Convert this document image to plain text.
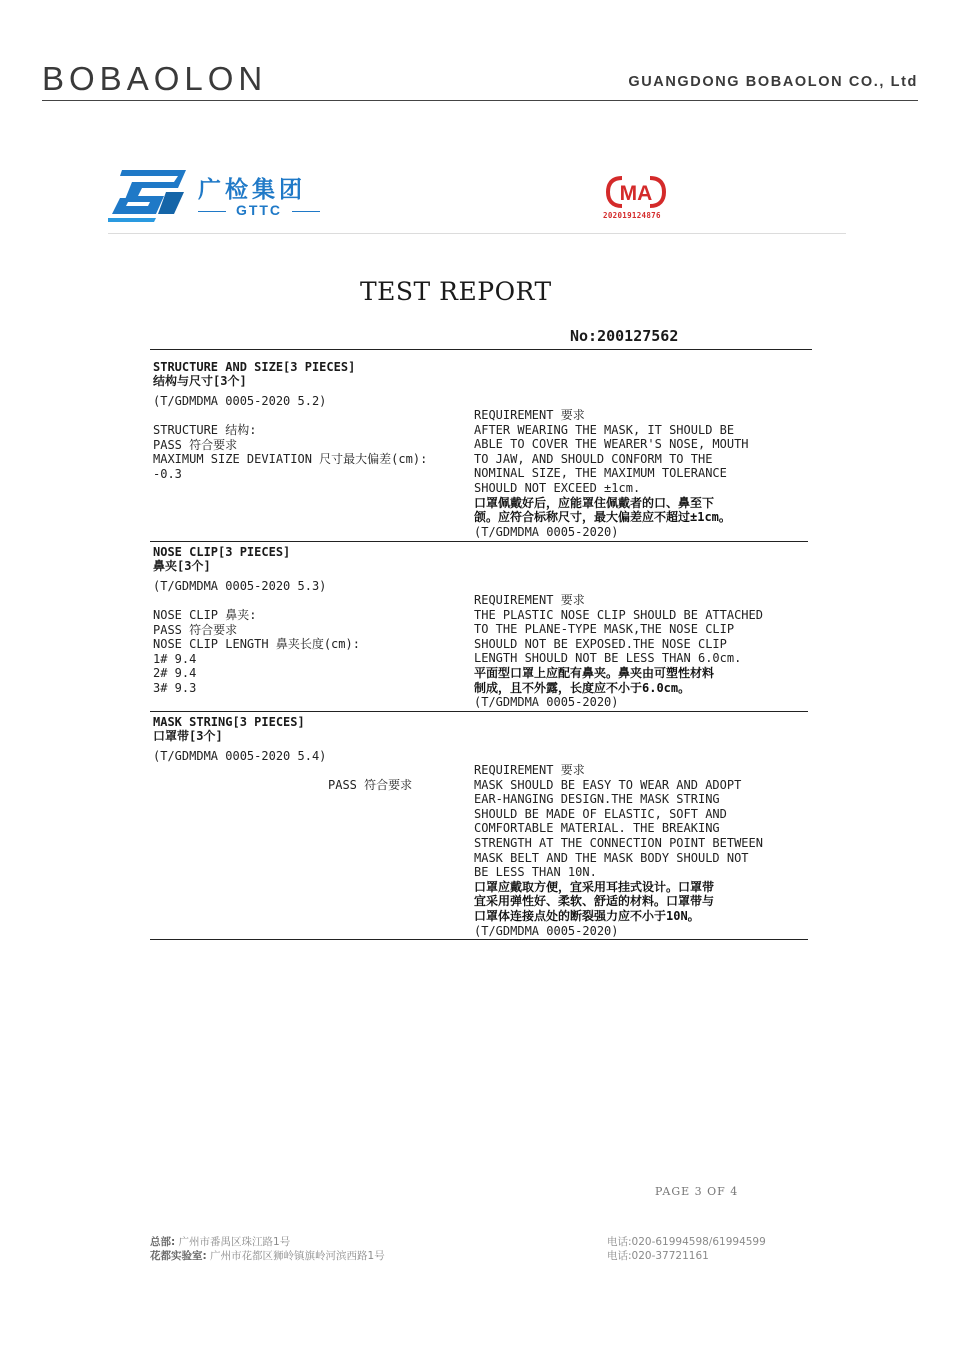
BOBAOLON	GUANGDONG BOBAOLON CO., Ltd
广检集团
GTTC
MA
202019124876
TEST REPORT
No:200127562
STRUCTURE AND SIZE[3 PIECES]
结构与尺寸[3个]
(T/GDMDMA 0005-2020 5.2)
STRUCTURE 结构:
PASS 符合要求
MAXIMUM SIZE DEVIATION 尺寸最大偏差(cm):
-0.3
REQUIREMENT 要求
AFTER WEARING THE MASK, IT SHOULD BE
ABLE TO COVER THE WEARER'S NOSE, MOUTH
TO JAW, AND SHOULD CONFORM TO THE
NOMINAL SIZE, THE MAXIMUM TOLERANCE
SHOULD NOT EXCEED ±1cm.
口罩佩戴好后，应能罩住佩戴者的口、鼻至下
颌。应符合标称尺寸，最大偏差应不超过±1cm。
(T/GDMDMA 0005-2020)
NOSE CLIP[3 PIECES]
鼻夹[3个]
(T/GDMDMA 0005-2020 5.3)
NOSE CLIP 鼻夹:
PASS 符合要求
NOSE CLIP LENGTH 鼻夹长度(cm):
1# 9.4
2# 9.4
3# 9.3
REQUIREMENT 要求
THE PLASTIC NOSE CLIP SHOULD BE ATTACHED
TO THE PLANE-TYPE MASK,THE NOSE CLIP
SHOULD NOT BE EXPOSED.THE NOSE CLIP
LENGTH SHOULD NOT BE LESS THAN 6.0cm.
平面型口罩上应配有鼻夹。鼻夹由可塑性材料
制成，且不外露，长度应不小于6.0cm。
(T/GDMDMA 0005-2020)
MASK STRING[3 PIECES]
口罩带[3个]
(T/GDMDMA 0005-2020 5.4)
PASS 符合要求
REQUIREMENT 要求
MASK SHOULD BE EASY TO WEAR AND ADOPT
EAR-HANGING DESIGN.THE MASK STRING
SHOULD BE MADE OF ELASTIC, SOFT AND
COMFORTABLE MATERIAL. THE BREAKING
STRENGTH AT THE CONNECTION POINT BETWEEN
MASK BELT AND THE MASK BODY SHOULD NOT
BE LESS THAN 10N.
口罩应戴取方便，宜采用耳挂式设计。口罩带
宜采用弹性好、柔软、舒适的材料。口罩带与
口罩体连接点处的断裂强力应不小于10N。
(T/GDMDMA 0005-2020)
PAGE 3 OF 4
总部: 广州市番禺区珠江路1号
花都实验室: 广州市花都区狮岭镇旗岭河滨西路1号
电话:020-61994598/61994599
电话:020-37721161
